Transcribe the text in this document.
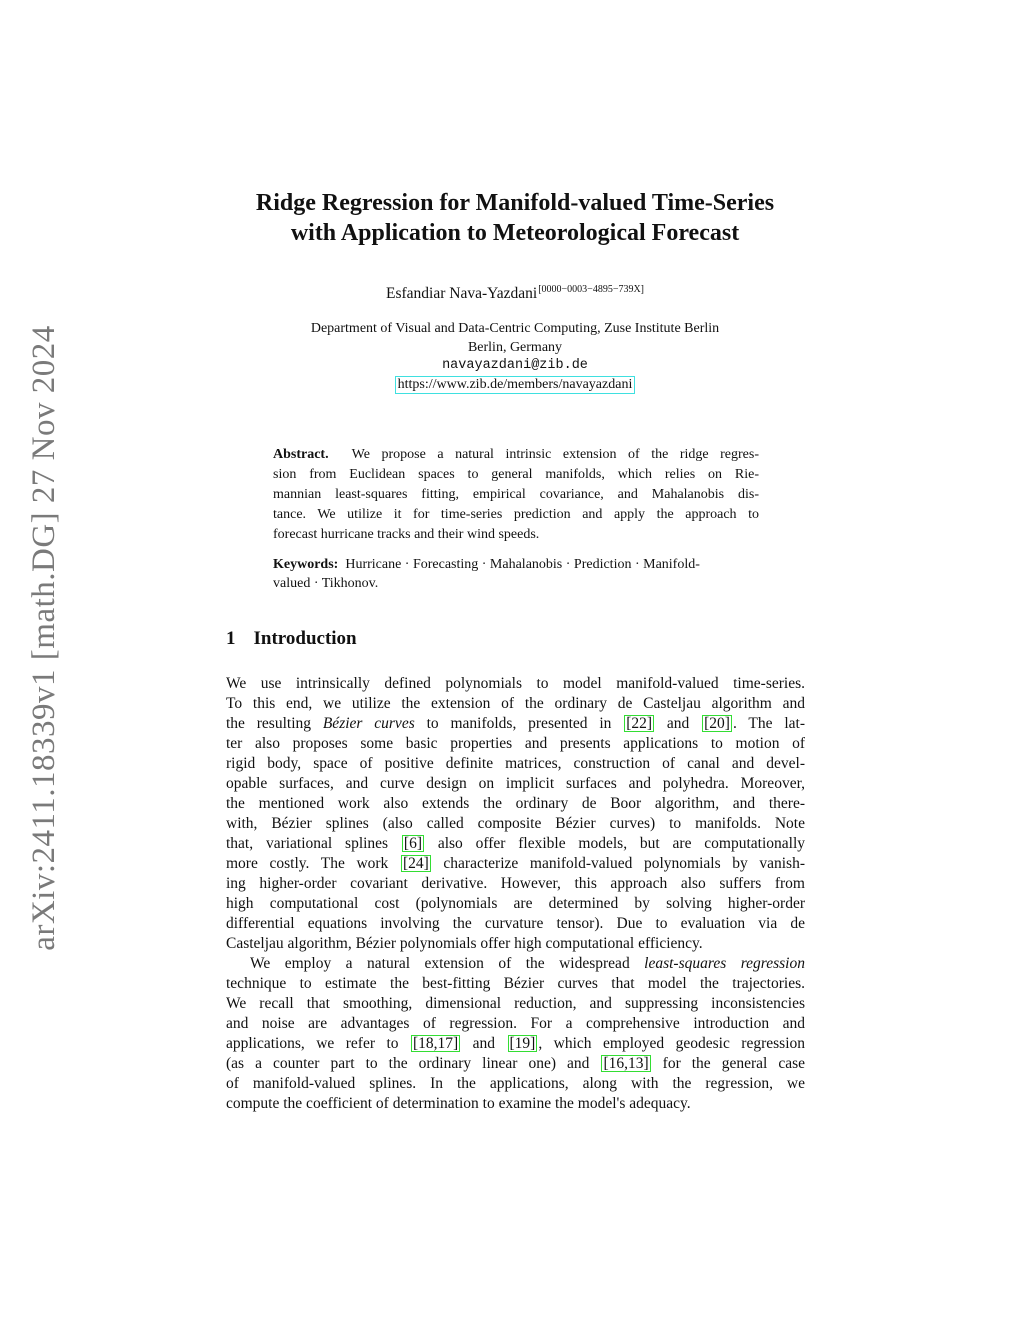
arXiv:2411.18339v1 [math.DG] 27 Nov 2024
Ridge Regression for Manifold-valued Time-Series
with Application to Meteorological Forecast
Esfandiar Nava-Yazdani[0000−0003−4895−739X]
Department of Visual and Data-Centric Computing, Zuse Institute Berlin
Berlin, Germany
navayazdani@zib.de
https://www.zib.de/members/navayazdani
Abstract. We propose a natural intrinsic extension of the ridge regres-
sion from Euclidean spaces to general manifolds, which relies on Rie-
mannian least-squares fitting, empirical covariance, and Mahalanobis dis-
tance. We utilize it for time-series prediction and apply the approach to
forecast hurricane tracks and their wind speeds.
Keywords: Hurricane · Forecasting · Mahalanobis · Prediction · Manifold-
valued · Tikhonov.
1 Introduction
We use intrinsically defined polynomials to model manifold-valued time-series.
To this end, we utilize the extension of the ordinary de Casteljau algorithm and
the resulting Bézier curves to manifolds, presented in [22] and [20] . The lat-
ter also proposes some basic properties and presents applications to motion of
rigid body, space of positive definite matrices, construction of canal and devel-
opable surfaces, and curve design on implicit surfaces and polyhedra. Moreover,
the mentioned work also extends the ordinary de Boor algorithm, and there-
with, Bézier splines (also called composite Bézier curves) to manifolds. Note
that, variational splines [6] also offer flexible models, but are computationally
more costly. The work [24] characterize manifold-valued polynomials by vanish-
ing higher-order covariant derivative. However, this approach also suffers from
high computational cost (polynomials are determined by solving higher-order
differential equations involving the curvature tensor). Due to evaluation via de
Casteljau algorithm, Bézier polynomials offer high computational efficiency.
We employ a natural extension of the widespread least-squares regression
technique to estimate the best-fitting Bézier curves that model the trajectories.
We recall that smoothing, dimensional reduction, and suppressing inconsistencies
and noise are advantages of regression. For a comprehensive introduction and
applications, we refer to [18,17] and [19] , which employed geodesic regression
(as a counter part to the ordinary linear one) and [16,13] for the general case
of manifold-valued splines. In the applications, along with the regression, we
compute the coefficient of determination to examine the model's adequacy.
